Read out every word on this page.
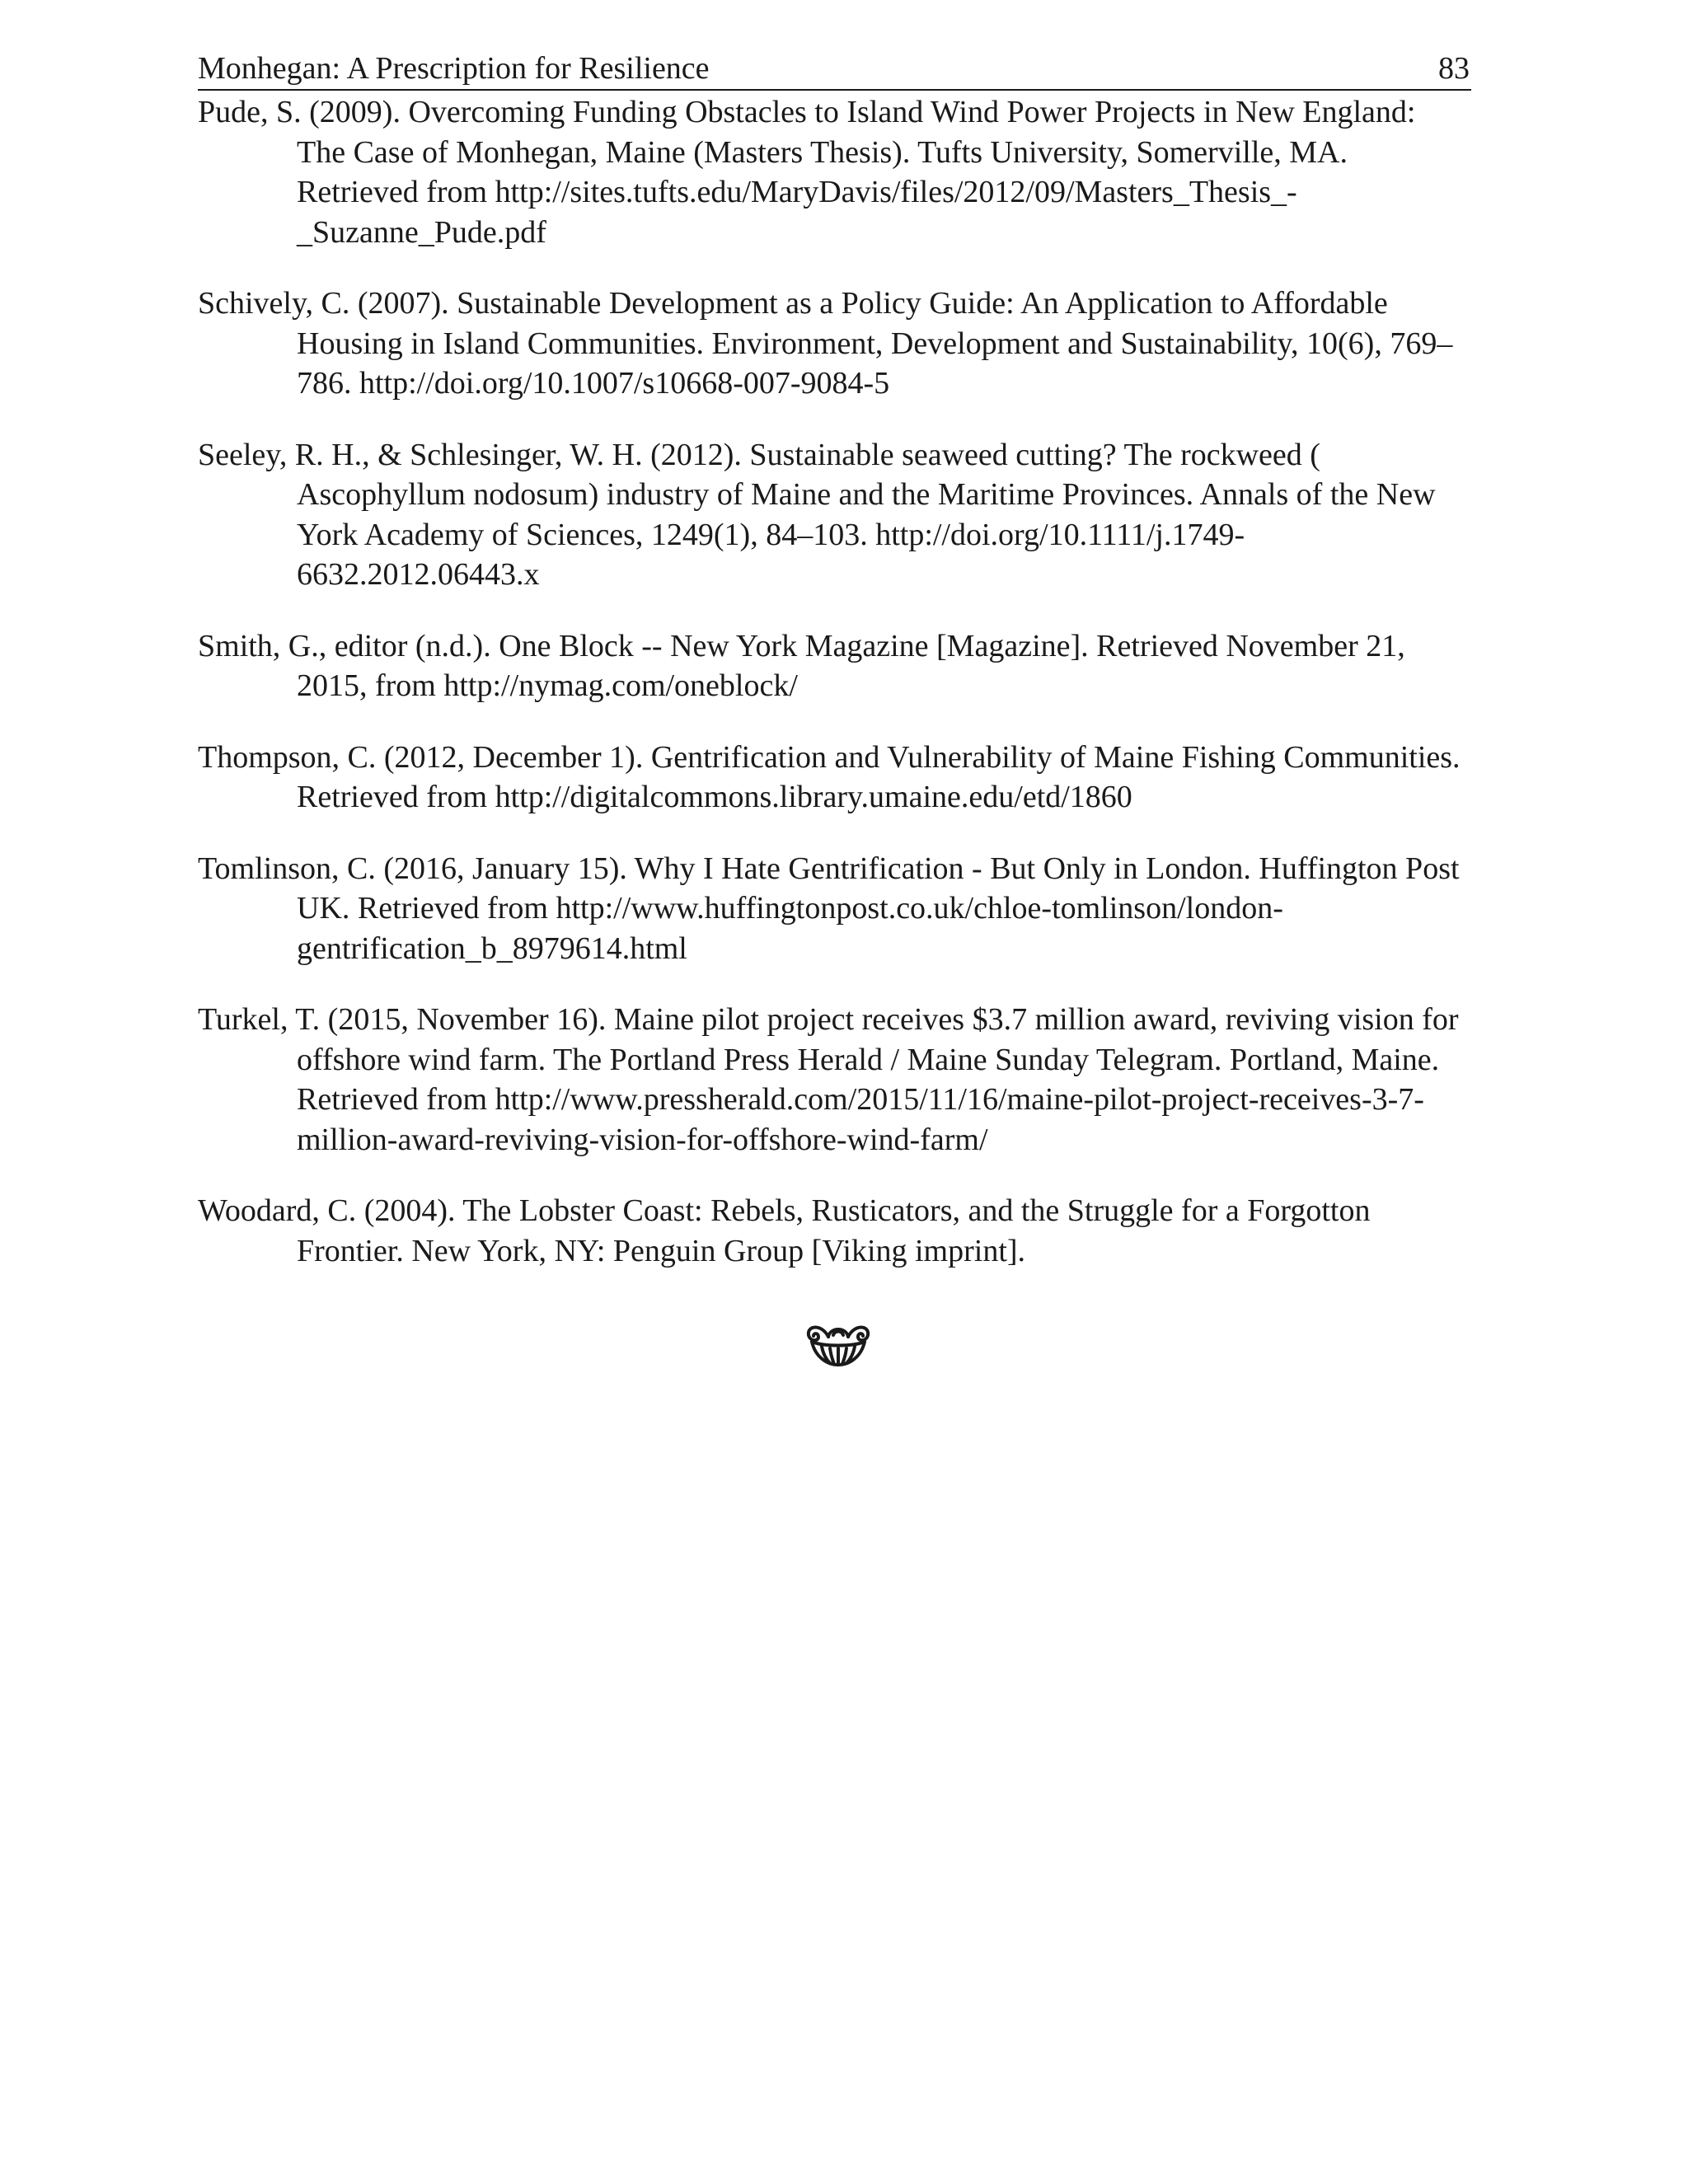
Monhegan: A Prescription for Resilience	83

Pude, S. (2009). Overcoming Funding Obstacles to Island Wind Power Projects in New England: The Case of Monhegan, Maine (Masters Thesis). Tufts University, Somerville, MA. Retrieved from http://sites.tufts.edu/MaryDavis/files/2012/09/Masters_Thesis_-_Suzanne_Pude.pdf

Schively, C. (2007). Sustainable Development as a Policy Guide: An Application to Affordable Housing in Island Communities. Environment, Development and Sustainability, 10(6), 769–786. http://doi.org/10.1007/s10668-007-9084-5

Seeley, R. H., & Schlesinger, W. H. (2012). Sustainable seaweed cutting? The rockweed ( Ascophyllum nodosum) industry of Maine and the Maritime Provinces. Annals of the New York Academy of Sciences, 1249(1), 84–103. http://doi.org/10.1111/j.1749-6632.2012.06443.x

Smith, G., editor (n.d.). One Block -- New York Magazine [Magazine]. Retrieved November 21, 2015, from http://nymag.com/oneblock/

Thompson, C. (2012, December 1). Gentrification and Vulnerability of Maine Fishing Communities. Retrieved from http://digitalcommons.library.umaine.edu/etd/1860

Tomlinson, C. (2016, January 15). Why I Hate Gentrification - But Only in London. Huffington Post UK. Retrieved from http://www.huffingtonpost.co.uk/chloe-tomlinson/london-gentrification_b_8979614.html

Turkel, T. (2015, November 16). Maine pilot project receives $3.7 million award, reviving vision for offshore wind farm. The Portland Press Herald / Maine Sunday Telegram. Portland, Maine. Retrieved from http://www.pressherald.com/2015/11/16/maine-pilot-project-receives-3-7-million-award-reviving-vision-for-offshore-wind-farm/

Woodard, C. (2004). The Lobster Coast: Rebels, Rusticators, and the Struggle for a Forgotton Frontier. New York, NY: Penguin Group [Viking imprint].
